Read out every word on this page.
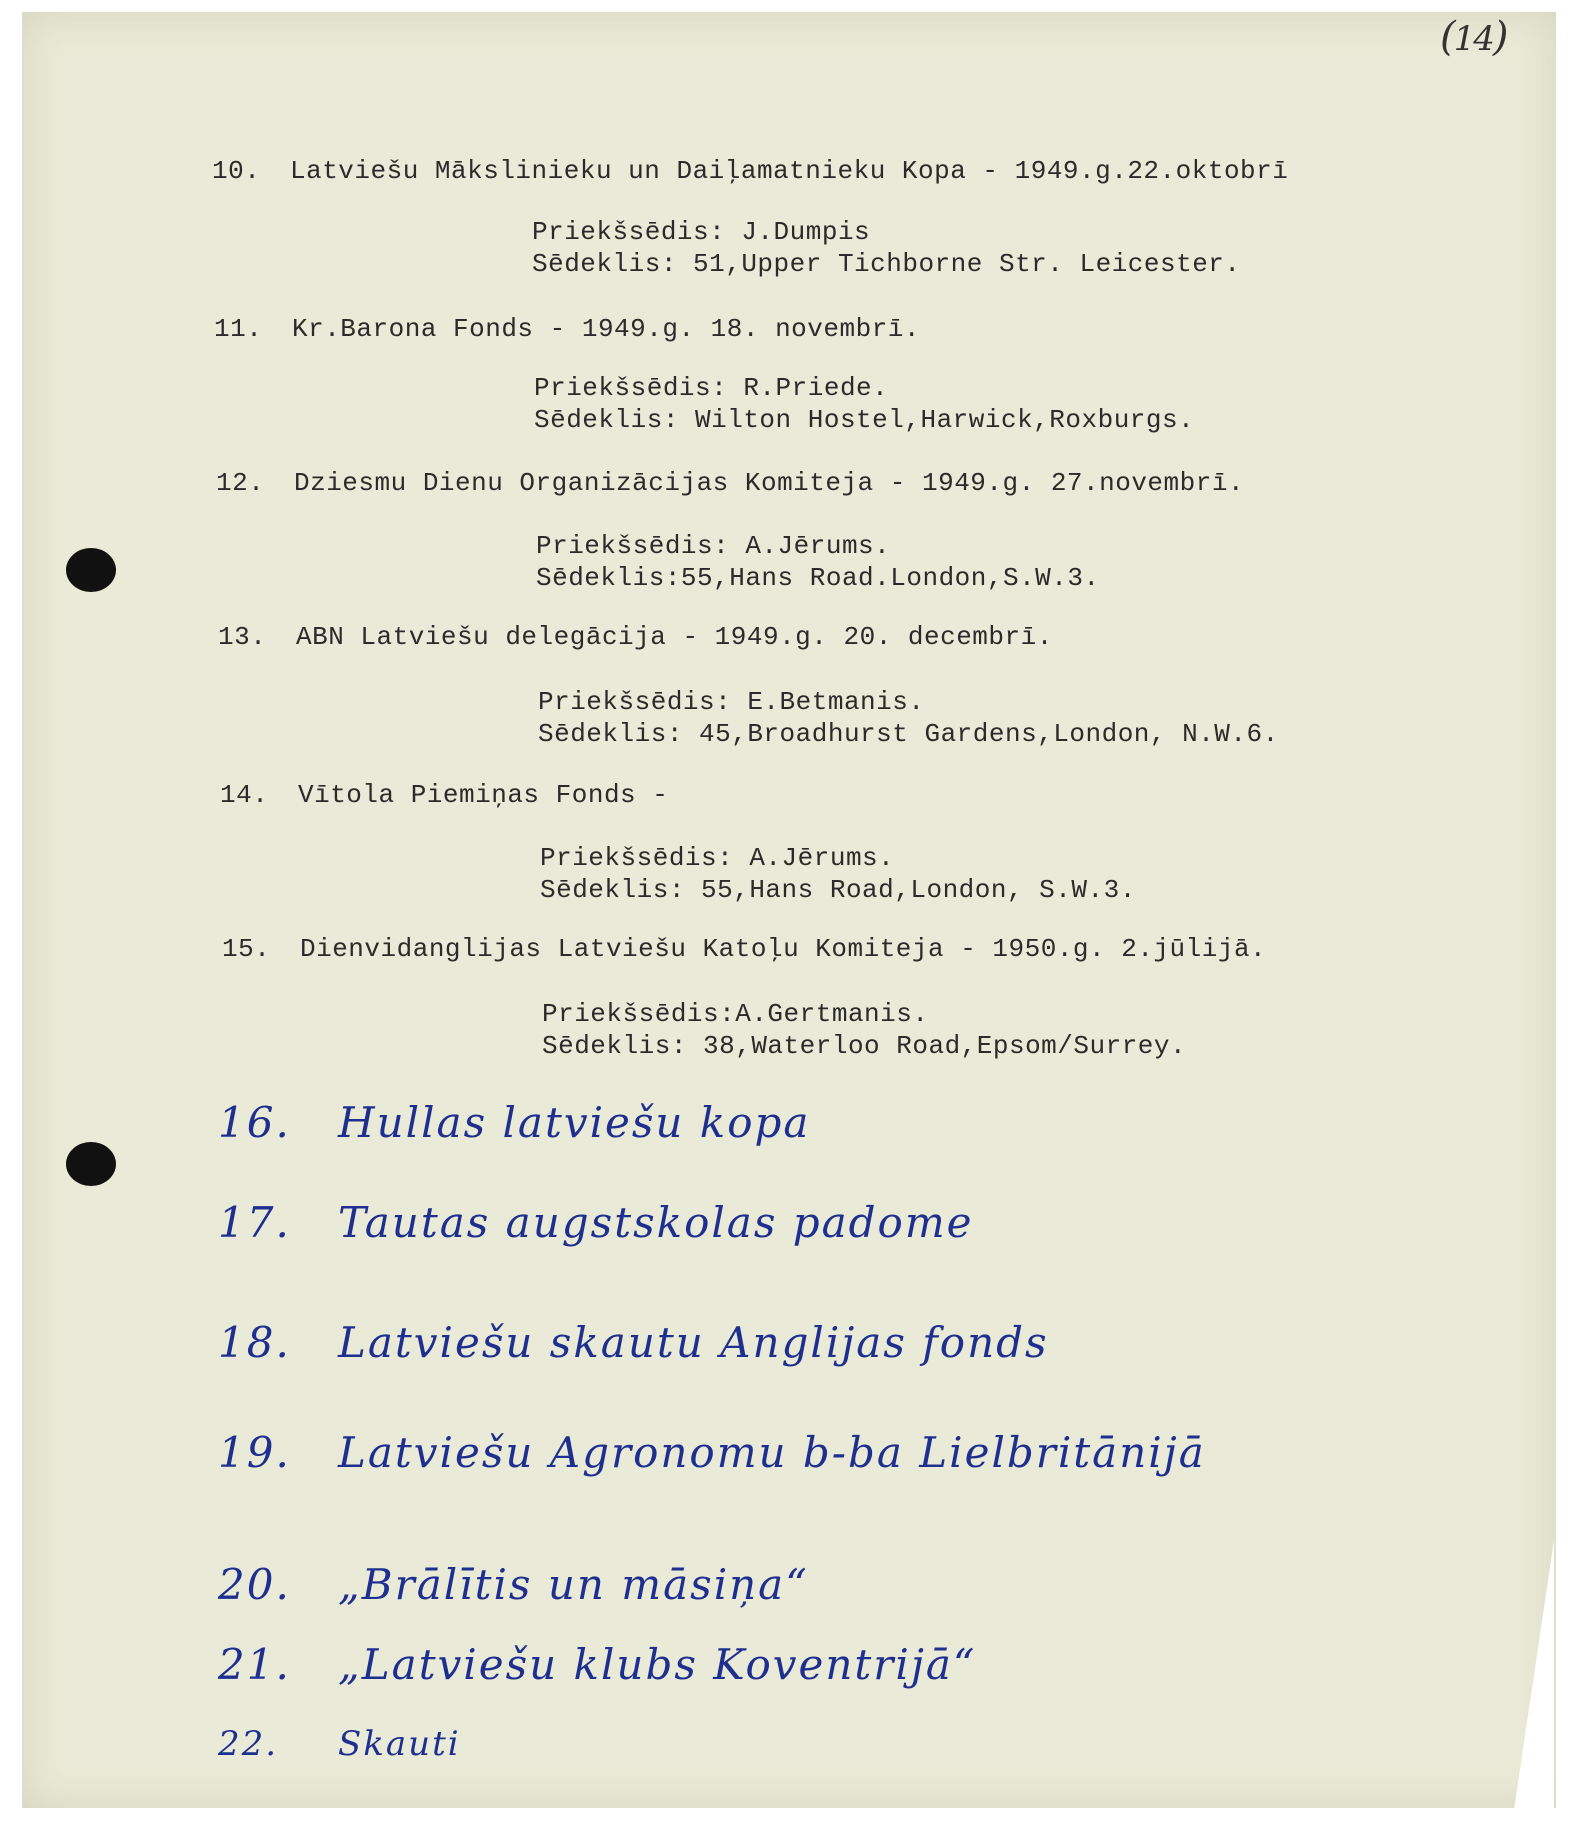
(14)
10. Latviešu Mākslinieku un Daiļamatnieku Kopa - 1949.g.22.oktobrī
Priekšsēdis: J.Dumpis
Sēdeklis: 51,Upper Tichborne Str. Leicester.
11. Kr.Barona Fonds - 1949.g. 18. novembrī.
Priekšsēdis: R.Priede.
Sēdeklis: Wilton Hostel,Harwick,Roxburgs.
12. Dziesmu Dienu Organizācijas Komiteja - 1949.g. 27.novembrī.
Priekšsēdis: A.Jērums.
Sēdeklis:55,Hans Road.London,S.W.3.
13. ABN Latviešu delegācija - 1949.g. 20. decembrī.
Priekšsēdis: E.Betmanis.
Sēdeklis: 45,Broadhurst Gardens,London, N.W.6.
14. Vītola Piemiņas Fonds -
Priekšsēdis: A.Jērums.
Sēdeklis: 55,Hans Road,London, S.W.3.
15. Dienvidanglijas Latviešu Katoļu Komiteja - 1950.g. 2.jūlijā.
Priekšsēdis:A.Gertmanis.
Sēdeklis: 38,Waterloo Road,Epsom/Surrey.
16. Hullas latviešu kopa
17. Tautas augstskolas padome
18. Latviešu skautu Anglijas fonds
19. Latviešu Agronomu b-ba Lielbritānijā
20. „Brālītis un māsiņa“
21. „Latviešu klubs Koventrijā“
22. Skauti
